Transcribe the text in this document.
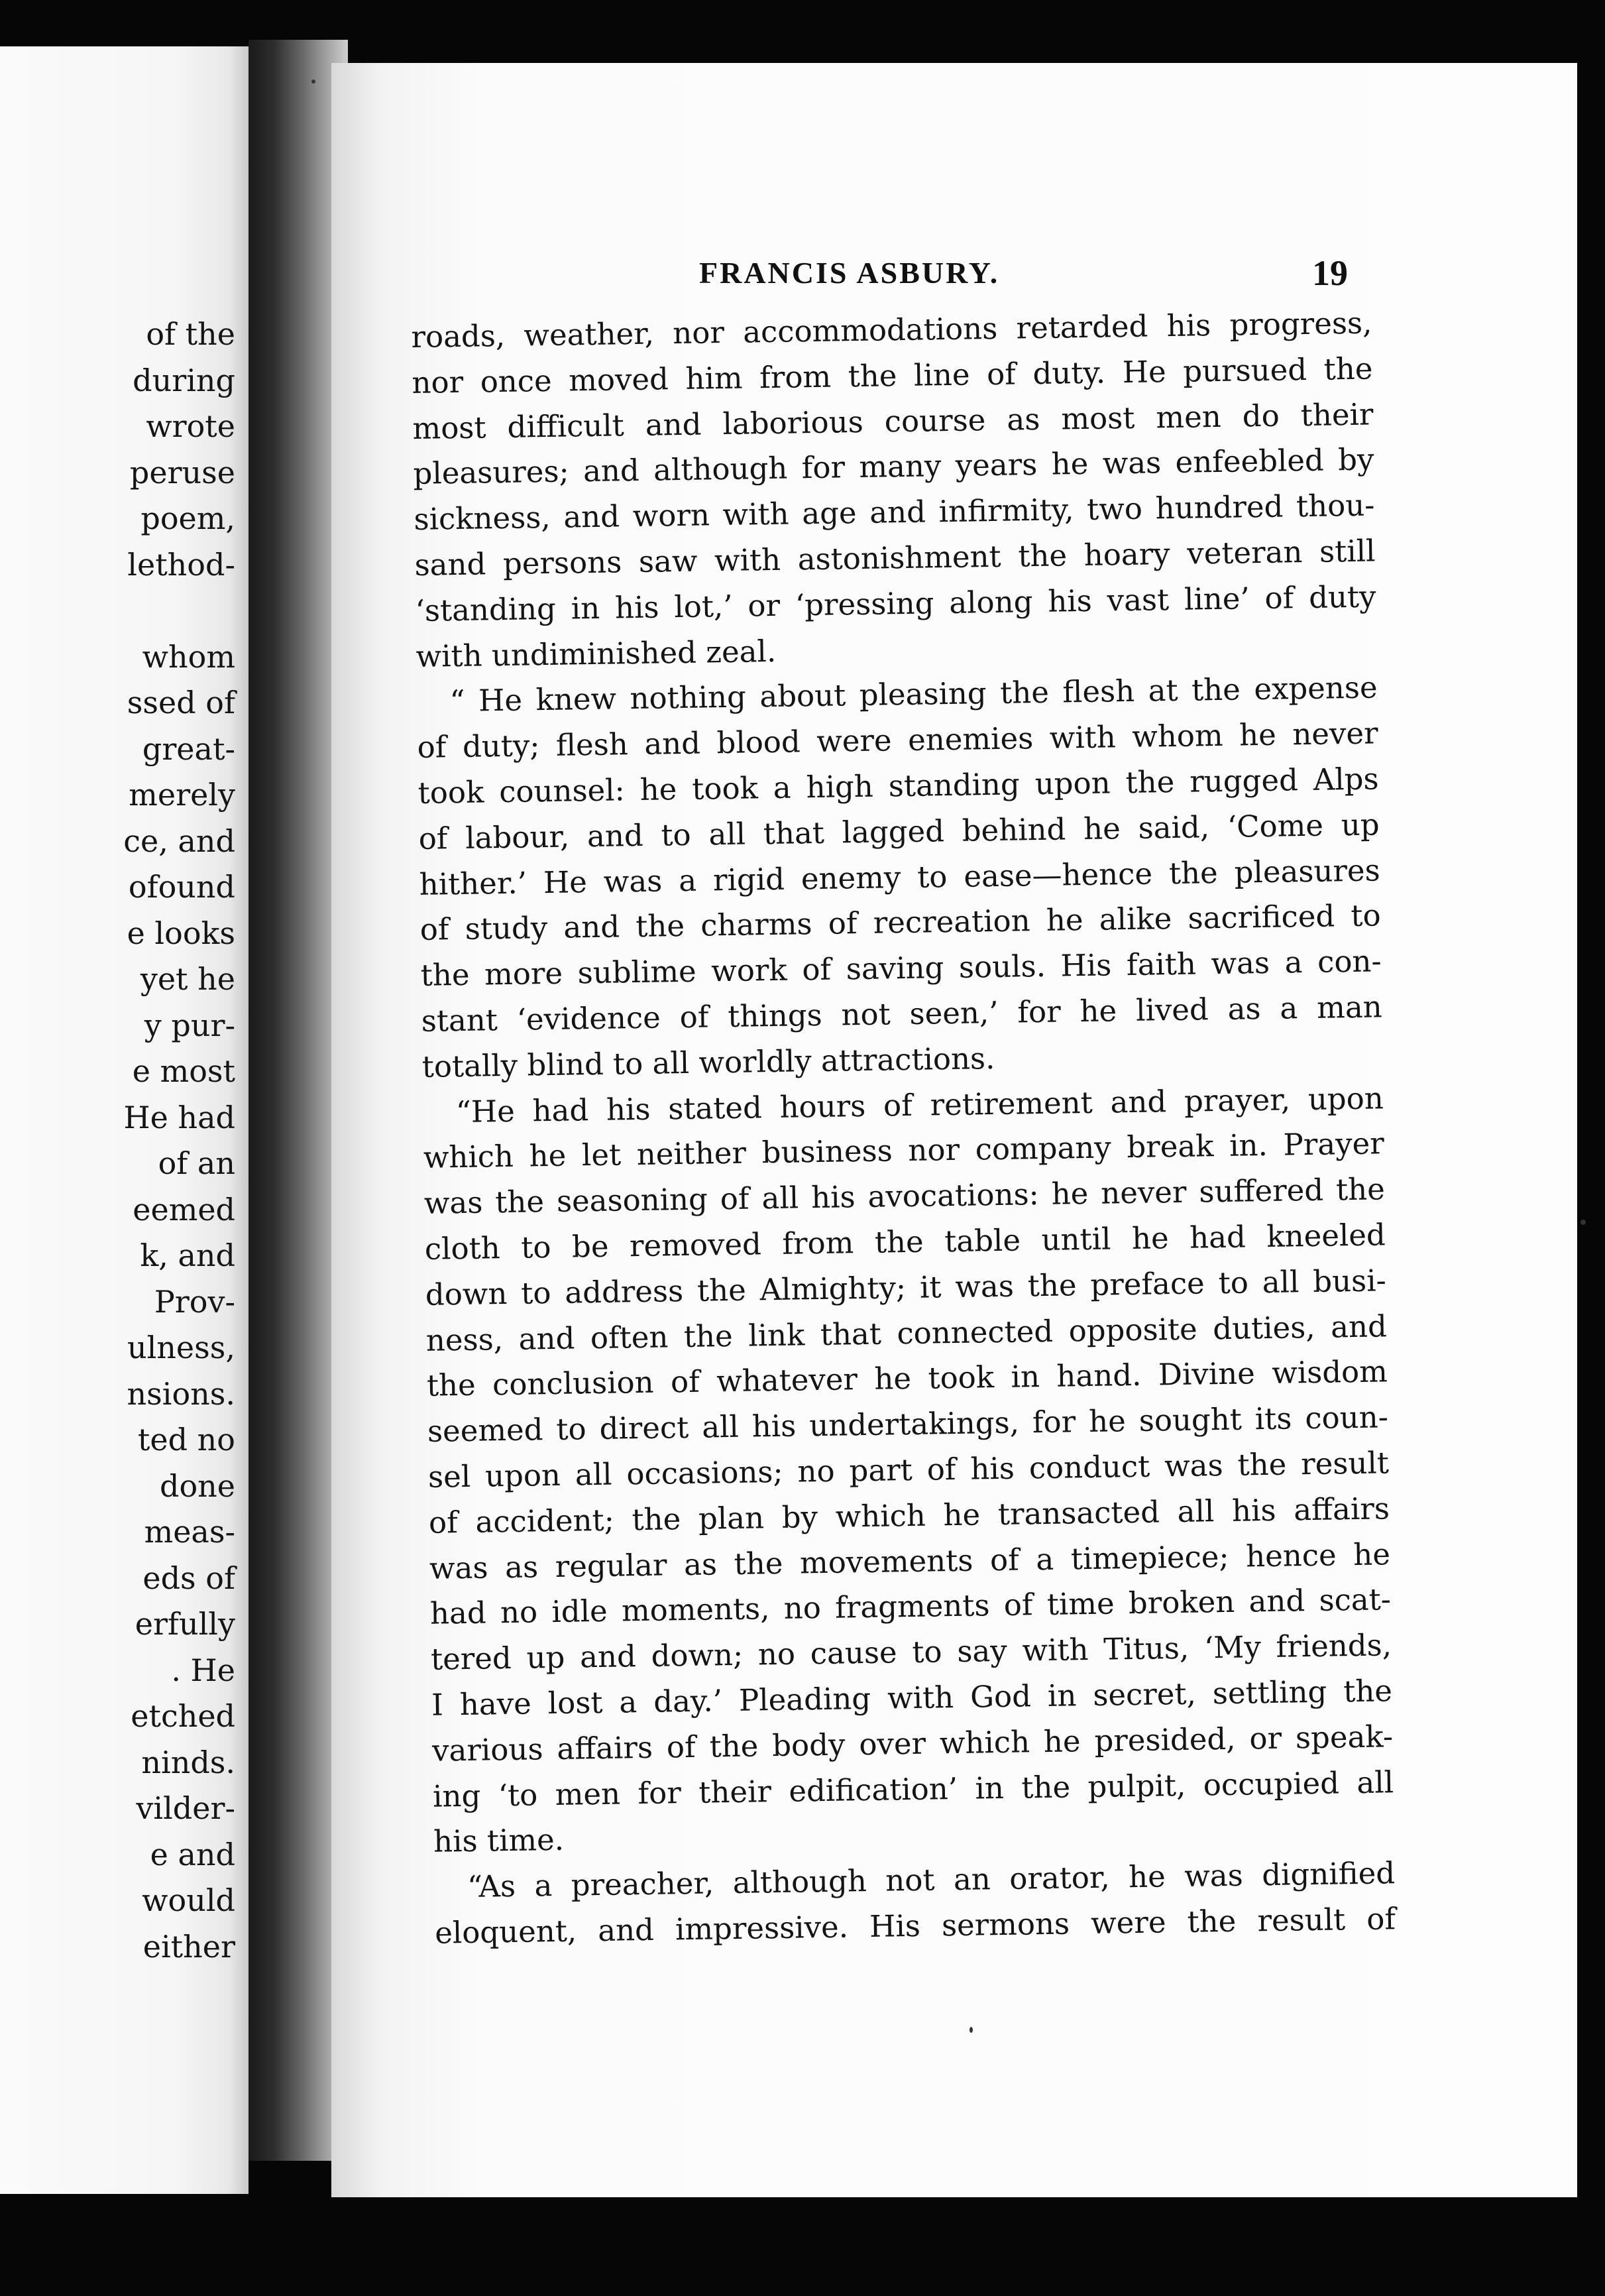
of the
during
wrote
peruse
poem,
lethod-
whom
ssed of
great-
merely
ce, and
ofound
e looks
yet he
y pur-
e most
He had
of an
eemed
k, and
Prov-
ulness,
nsions.
ted no
done
meas-
eds of
erfully
. He
etched
ninds.
vilder-
e and
would
either
FRANCIS ASBURY.	19

roads, weather, nor accommodations retarded his progress,
nor once moved him from the line of duty. He pursued the
most difficult and laborious course as most men do their
pleasures; and although for many years he was enfeebled by
sickness, and worn with age and infirmity, two hundred thou-
sand persons saw with astonishment the hoary veteran still
‘standing in his lot,’ or ‘pressing along his vast line’ of duty
with undiminished zeal.

“ He knew nothing about pleasing the flesh at the expense
of duty; flesh and blood were enemies with whom he never
took counsel: he took a high standing upon the rugged Alps
of labour, and to all that lagged behind he said, ‘Come up
hither.’ He was a rigid enemy to ease—hence the pleasures
of study and the charms of recreation he alike sacrificed to
the more sublime work of saving souls. His faith was a con-
stant ‘evidence of things not seen,’ for he lived as a man
totally blind to all worldly attractions.

“He had his stated hours of retirement and prayer, upon
which he let neither business nor company break in. Prayer
was the seasoning of all his avocations: he never suffered the
cloth to be removed from the table until he had kneeled
down to address the Almighty; it was the preface to all busi-
ness, and often the link that connected opposite duties, and
the conclusion of whatever he took in hand. Divine wisdom
seemed to direct all his undertakings, for he sought its coun-
sel upon all occasions; no part of his conduct was the result
of accident; the plan by which he transacted all his affairs
was as regular as the movements of a timepiece; hence he
had no idle moments, no fragments of time broken and scat-
tered up and down; no cause to say with Titus, ‘My friends,
I have lost a day.’ Pleading with God in secret, settling the
various affairs of the body over which he presided, or speak-
ing ‘to men for their edification’ in the pulpit, occupied all
his time.

“As a preacher, although not an orator, he was dignified
eloquent, and impressive. His sermons were the result of
